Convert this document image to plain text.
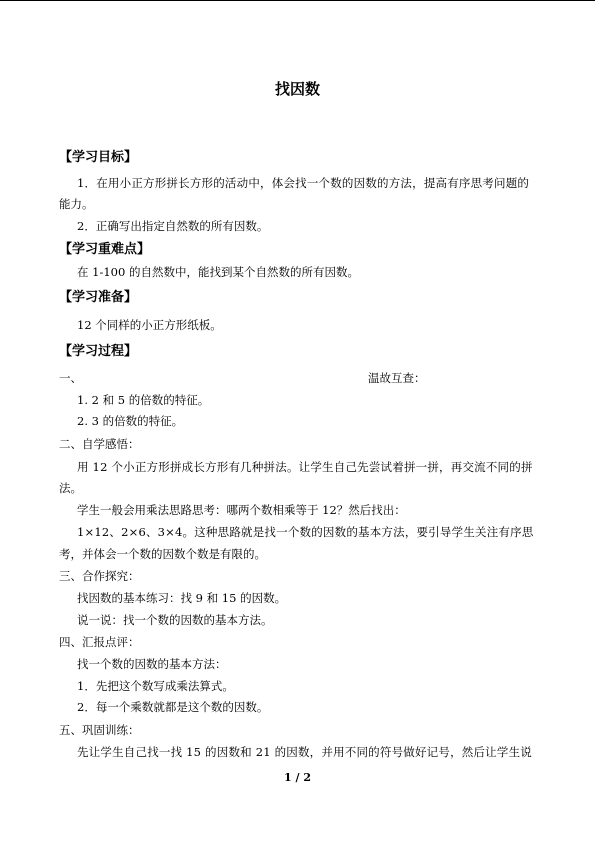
找因数
【学习目标】
1．在用小正方形拼长方形的活动中，体会找一个数的因数的方法，提高有序思考问题的
能力。
2．正确写出指定自然数的所有因数。
【学习重难点】
在 1-100 的自然数中，能找到某个自然数的所有因数。
【学习准备】
12 个同样的小正方形纸板。
【学习过程】
一、	温故互查：
1. 2 和 5 的倍数的特征。
2. 3 的倍数的特征。
二、自学感悟：
用 12 个小正方形拼成长方形有几种拼法。让学生自己先尝试着拼一拼，再交流不同的拼
法。
学生一般会用乘法思路思考：哪两个数相乘等于 12？然后找出：
1×12、2×6、3×4。这种思路就是找一个数的因数的基本方法，要引导学生关注有序思
考，并体会一个数的因数个数是有限的。
三、合作探究：
找因数的基本练习：找 9 和 15 的因数。
说一说：找一个数的因数的基本方法。
四、汇报点评：
找一个数的因数的基本方法：
1．先把这个数写成乘法算式。
2．每一个乘数就都是这个数的因数。
五、巩固训练：
先让学生自己找一找 15 的因数和 21 的因数，并用不同的符号做好记号，然后让学生说
1 / 2
